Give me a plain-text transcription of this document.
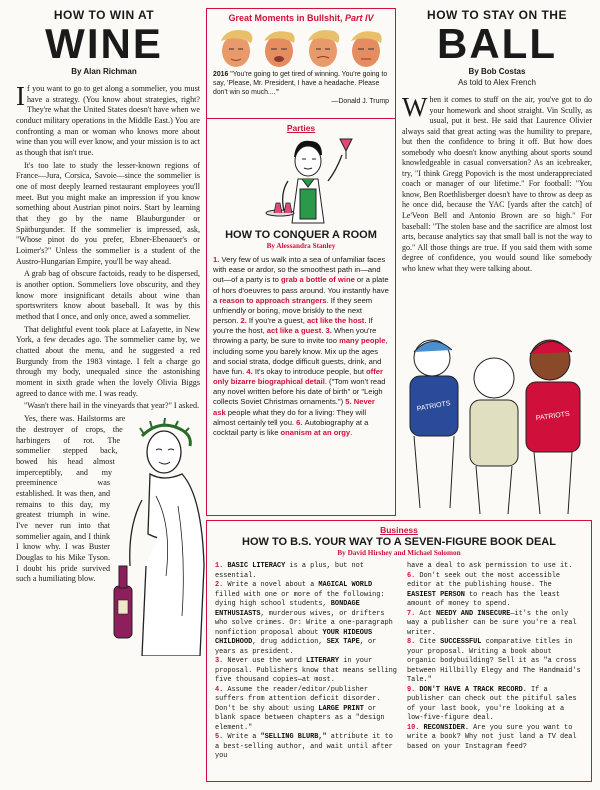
HOW TO WIN AT

WINE

By Alan Richman

If you want to go to get along a sommelier, you must have a strategy. (You know about strategies, right? They're what the United States doesn't have when we conduct military operations in the Middle East.) You are confronting a man or woman who knows more about wine than you will ever know, and your mission is to act as though that isn't true.

It's too late to study the lesser-known regions of France—Jura, Corsica, Savoie—since the sommelier is one of most deeply learned restaurant employees you'll meet. But you might make an impression if you know something about Austrian pinot noirs. Start by learning that they go by the name Blauburgunder or Spätburgunder. If the sommelier is impressed, ask, "Whose pinot do you prefer, Ebner-Ebenauer's or Loimer's?" Unless the sommelier is a student of the Austro-Hungarian Empire, you'll be way ahead.

A grab bag of obscure factoids, ready to be dispersed, is another option. Sommeliers love obscurity, and they know more insignificant details about wine than sportswriters know about baseball. It was by this method that I once, and only once, awed a sommelier.

That delightful event took place at Lafayette, in New York, a few decades ago. The sommelier came by, we chatted about the menu, and he suggested a red Burgundy from the 1983 vintage. I felt a charge go through my body, unequaled since the astonishing moment in sixth grade when the lovely Olivia Biggs agreed to dance with me. I was ready.

"Wasn't there hail in the vineyards that year?" I asked.

Yes, there was. Hailstorms are the destroyer of crops, the harbingers of rot. The sommelier stepped back, bowed his head almost imperceptibly, and my preeminence was established. It was then, and remains to this day, my greatest triumph in wine. I've never run into that sommelier again, and I think I know why. I was Buster Douglas to his Mike Tyson. I doubt his pride survived such a humiliating blow.

Great Moments in Bullshit, Part IV

2016 "You're going to get tired of winning. You're going to say, 'Please, Mr. President, I have a headache. Please don't win so much....'"
—Donald J. Trump

Parties

HOW TO CONQUER A ROOM

By Alessandra Stanley

1. Very few of us walk into a sea of unfamiliar faces with ease or ardor, so the smoothest path in—and out—of a party is to grab a bottle of wine or a plate of hors d'oeuvres to pass around. You instantly have a reason to approach strangers. If they seem unfriendly or boring, move briskly to the next person. 2. If you're a guest, act like the host. If you're the host, act like a guest. 3. When you're throwing a party, be sure to invite too many people, including some you barely know. Mix up the ages and social strata, dodge difficult guests, drink, and have fun. 4. It's okay to introduce people, but offer only bizarre biographical detail. ("Tom won't read any novel written before his date of birth" or "Leigh collects Soviet Christmas ornaments.") 5. Never ask people what they do for a living: They will almost certainly tell you. 6. Autobiography at a cocktail party is like onanism at an orgy.

HOW TO STAY ON THE

BALL

By Bob Costas

As told to Alex French

When it comes to stuff on the air, you've got to do your homework and shoot straight. Vin Scully, as usual, put it best. He said that Laurence Olivier always said that great acting was the humility to prepare, but then the confidence to bring it off. But how does somebody who doesn't know anything about sports sound knowledgeable in casual conversation? As an icebreaker, try, "I think Gregg Popovich is the most underappreciated coach or manager of our lifetime." For football: "You know, Ben Roethlisberger doesn't have to throw as deep as he once did, because the YAC [yards after the catch] of Le'Veon Bell and Antonio Brown are so high." For baseball: "The stolen base and the sacrifice are almost lost arts, because analytics say that small ball is not the way to go." All those things are true. If you said them with some degree of confidence, you would sound like somebody who knew what they were talking about.

PATRIOTS
PATRIOTS

Business

HOW TO B.S. YOUR WAY TO A SEVEN-FIGURE BOOK DEAL

By David Hirshey and Michael Solomon

1. BASIC LITERACY is a plus, but not essential.

2. Write a novel about a MAGICAL WORLD filled with one or more of the following: dying high school students, BONDAGE ENTHUSIASTS, murderous wives, or drifters who solve crimes. Or: Write a one-paragraph nonfiction proposal about YOUR HIDEOUS CHILDHOOD, drug addiction, SEX TAPE, or years as president.

3. Never use the word LITERARY in your proposal. Publishers know that means selling five thousand copies—at most.

4. Assume the reader/editor/publisher suffers from attention deficit disorder. Don't be shy about using LARGE PRINT or blank space between chapters as a "design element."

5. Write a "SELLING BLURB," attribute it to a best-selling author, and wait until after you

have a deal to ask permission to use it.

6. Don't seek out the most accessible editor at the publishing house. The EASIEST PERSON to reach has the least amount of money to spend.

7. Act NEEDY AND INSECURE—it's the only way a publisher can be sure you're a real writer.

8. Cite SUCCESSFUL comparative titles in your proposal. Writing a book about organic bodybuilding? Sell it as "a cross between Hillbilly Elegy and The Handmaid's Tale."

9. DON'T HAVE A TRACK RECORD. If a publisher can check out the pitiful sales of your last book, you're looking at a low-five-figure deal.

10. RECONSIDER. Are you sure you want to write a book? Why not just land a TV deal based on your Instagram feed?
